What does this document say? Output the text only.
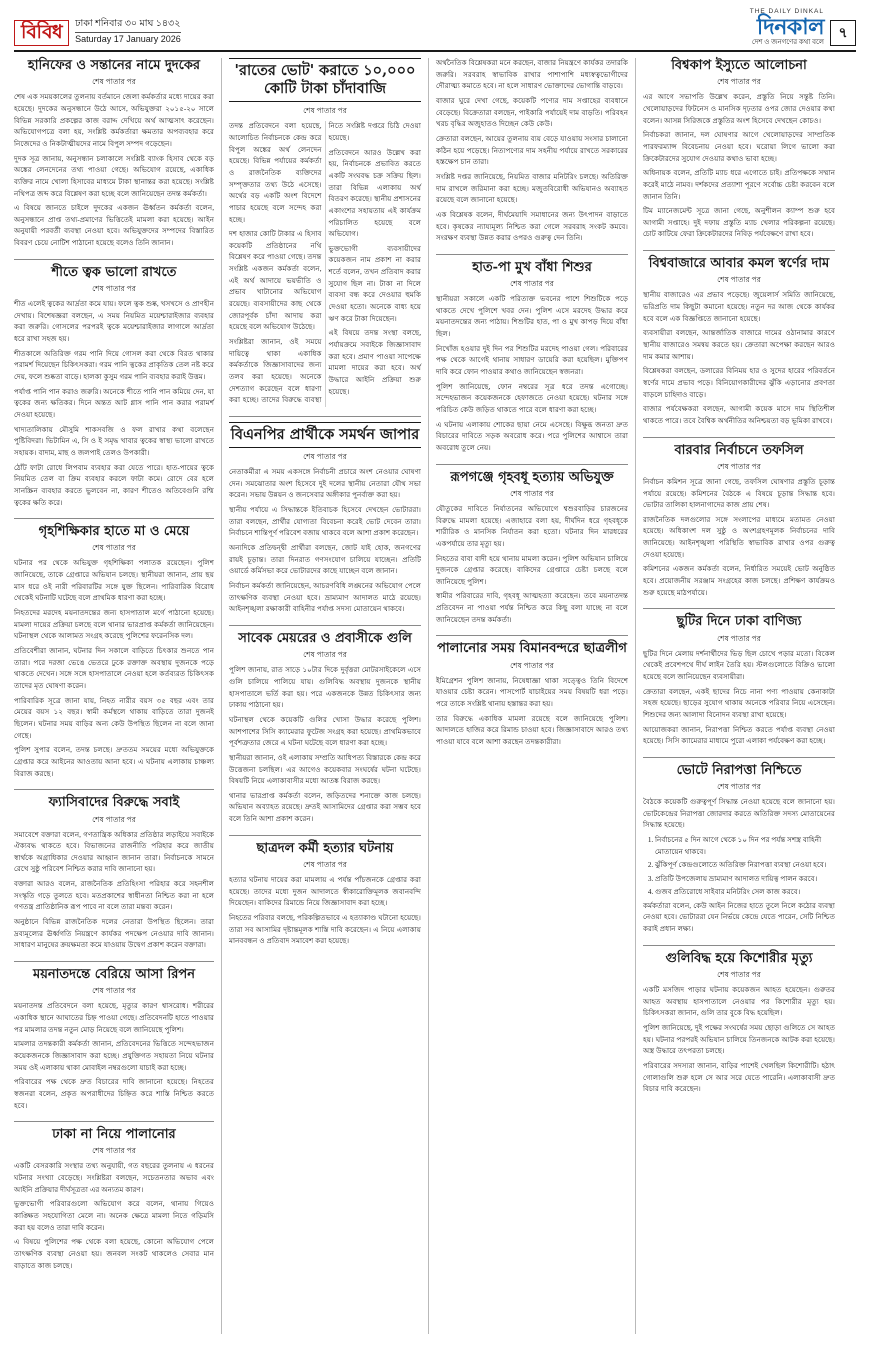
বিবিধ	ঢাকা শনিবার ৩০ মাঘ ১৪৩২
Saturday 17 January 2026
THE DAILY DINKAL
দিনকাল
দেশ ও জনগণের কথা বলে
৭
হানিফের ও সন্তানের নামে দুদকের
শেষ পাতার পর

শেষ এক সময়কালের তুলনায় বর্তমানে জেলা কর্মকর্তার মধ্যে দায়ের করা হয়েছে। দুদকের অনুসন্ধানে উঠে আসে, অভিযুক্তরা ২০১৫-২০ সালে বিভিন্ন সরকারি প্রকল্পের কাজ বরাদ্দ দেখিয়ে অর্থ আত্মসাৎ করেছেন। অভিযোগপত্রে বলা হয়, সংশ্লিষ্ট কর্মকর্তারা ক্ষমতার অপব্যবহার করে নিজেদের ও নিকটাত্মীয়দের নামে বিপুল সম্পদ গড়েছেন।

দুদক সূত্র জানায়, অনুসন্ধান চলাকালে সংশ্লিষ্ট ব্যাংক হিসাব থেকে বড় অঙ্কের লেনদেনের তথ্য পাওয়া গেছে। অভিযোগ রয়েছে, একাধিক ব্যক্তির নামে খোলা হিসাবের মাধ্যমে টাকা স্থানান্তর করা হয়েছে। সংশ্লিষ্ট নথিপত্র জব্দ করে বিশ্লেষণ করা হচ্ছে বলে জানিয়েছেন তদন্ত কর্মকর্তা।

এ বিষয়ে জানতে চাইলে দুদকের একজন ঊর্ধ্বতন কর্মকর্তা বলেন, অনুসন্ধানে প্রাপ্ত তথ্য-প্রমাণের ভিত্তিতেই মামলা করা হয়েছে। আইন অনুযায়ী পরবর্তী ব্যবস্থা নেওয়া হবে। অভিযুক্তদের সম্পদের বিস্তারিত বিবরণ চেয়ে নোটিশ পাঠানো হয়েছে বলেও তিনি জানান।

শীতে ত্বক ভালো রাখতে
শেষ পাতার পর

শীত এলেই ত্বকের আর্দ্রতা কমে যায়। ফলে ত্বক শুষ্ক, খসখসে ও প্রাণহীন দেখায়। বিশেষজ্ঞরা বলছেন, এ সময় নিয়মিত ময়েশ্চারাইজার ব্যবহার করা জরুরি। গোসলের পরপরই ত্বকে ময়েশ্চারাইজার লাগালে আর্দ্রতা ধরে রাখা সহজ হয়।

শীতকালে অতিরিক্ত গরম পানি দিয়ে গোসল করা থেকে বিরত থাকার পরামর্শ দিয়েছেন চিকিৎসকরা। গরম পানি ত্বকের প্রাকৃতিক তেল নষ্ট করে দেয়, ফলে শুষ্কতা বাড়ে। হালকা কুসুম গরম পানি ব্যবহার করাই উত্তম।

পর্যাপ্ত পানি পান করাও জরুরি। অনেকে শীতে পানি পান কমিয়ে দেন, যা ত্বকের জন্য ক্ষতিকর। দিনে অন্তত আট গ্লাস পানি পান করার পরামর্শ দেওয়া হয়েছে।

খাদ্যতালিকায় মৌসুমি শাকসবজি ও ফল রাখার কথা বলেছেন পুষ্টিবিদরা। ভিটামিন এ, সি ও ই সমৃদ্ধ খাবার ত্বকের স্বাস্থ্য ভালো রাখতে সহায়ক। বাদাম, মাছ ও জলপাই তেলও উপকারী।

ঠোঁট ফাটা রোধে লিপবাম ব্যবহার করা যেতে পারে। হাত-পায়ের ত্বকে নিয়মিত তেল বা ক্রিম ব্যবহার করলে ফাটা কমে। রোদে বের হলে সানস্ক্রিন ব্যবহার করতে ভুলবেন না, কারণ শীতেও অতিবেগুনি রশ্মি ত্বকের ক্ষতি করে।

গৃহশিক্ষিকার হাতে মা ও মেয়ে
শেষ পাতার পর

ঘটনার পর থেকে অভিযুক্ত গৃহশিক্ষিকা পলাতক রয়েছেন। পুলিশ জানিয়েছে, তাকে গ্রেপ্তারে অভিযান চলছে। স্থানীয়রা জানান, প্রায় ছয় মাস ধরে ওই নারী পরিবারটির সঙ্গে যুক্ত ছিলেন। পারিবারিক বিরোধ থেকেই ঘটনাটি ঘটেছে বলে প্রাথমিক ধারণা করা হচ্ছে।

নিহতদের মরদেহ ময়নাতদন্তের জন্য হাসপাতাল মর্গে পাঠানো হয়েছে। মামলা দায়ের প্রক্রিয়া চলছে বলে থানার ভারপ্রাপ্ত কর্মকর্তা জানিয়েছেন। ঘটনাস্থল থেকে আলামত সংগ্রহ করেছে পুলিশের ফরেনসিক দল।

প্রতিবেশীরা জানান, ঘটনার দিন সকালে বাড়িতে চিৎকার শুনতে পান তারা। পরে দরজা ভেঙে ভেতরে ঢুকে রক্তাক্ত অবস্থায় দুজনকে পড়ে থাকতে দেখেন। সঙ্গে সঙ্গে হাসপাতালে নেওয়া হলে কর্তব্যরত চিকিৎসক তাদের মৃত ঘোষণা করেন।

পারিবারিক সূত্রে জানা যায়, নিহত নারীর বয়স ৩৫ বছর এবং তার মেয়ের বয়স ১২ বছর। স্বামী কর্মস্থলে থাকায় বাড়িতে তারা দুজনই ছিলেন। ঘটনার সময় বাড়ির অন্য কেউ উপস্থিত ছিলেন না বলে জানা গেছে।

পুলিশ সুপার বলেন, তদন্ত চলছে। দ্রুততম সময়ের মধ্যে অভিযুক্তকে গ্রেপ্তার করে আইনের আওতায় আনা হবে। এ ঘটনায় এলাকায় চাঞ্চল্য বিরাজ করছে।

ফ্যাসিবাদের বিরুদ্ধে সবাই
শেষ পাতার পর

সমাবেশে বক্তারা বলেন, গণতান্ত্রিক অধিকার প্রতিষ্ঠার লড়াইয়ে সবাইকে ঐক্যবদ্ধ থাকতে হবে। বিভাজনের রাজনীতি পরিহার করে জাতীয় স্বার্থকে অগ্রাধিকার দেওয়ার আহ্বান জানান তারা। নির্বাচনকে সামনে রেখে সুষ্ঠু পরিবেশ নিশ্চিত করার দাবি জানানো হয়।

বক্তারা আরও বলেন, রাজনৈতিক প্রতিহিংসা পরিহার করে সহনশীল সংস্কৃতি গড়ে তুলতে হবে। মতপ্রকাশের স্বাধীনতা নিশ্চিত করা না হলে গণতন্ত্র প্রাতিষ্ঠানিক রূপ পাবে না বলে তারা মন্তব্য করেন।

অনুষ্ঠানে বিভিন্ন রাজনৈতিক দলের নেতারা উপস্থিত ছিলেন। তারা দ্রব্যমূল্যের ঊর্ধ্বগতি নিয়ন্ত্রণে কার্যকর পদক্ষেপ নেওয়ার দাবি জানান। সাধারণ মানুষের ক্রয়ক্ষমতা কমে যাওয়ায় উদ্বেগ প্রকাশ করেন বক্তারা।

ময়নাতদন্তে বেরিয়ে আসা রিপন
শেষ পাতার পর

ময়নাতদন্ত প্রতিবেদনে বলা হয়েছে, মৃত্যুর কারণ শ্বাসরোধ। শরীরের একাধিক স্থানে আঘাতের চিহ্ন পাওয়া গেছে। প্রতিবেদনটি হাতে পাওয়ার পর মামলার তদন্ত নতুন মোড় নিয়েছে বলে জানিয়েছে পুলিশ।

মামলার তদন্তকারী কর্মকর্তা জানান, প্রতিবেদনের ভিত্তিতে সন্দেহভাজন কয়েকজনকে জিজ্ঞাসাবাদ করা হচ্ছে। প্রযুক্তিগত সহায়তা নিয়ে ঘটনার সময় ওই এলাকায় থাকা মোবাইল নম্বরগুলো যাচাই করা হচ্ছে।

পরিবারের পক্ষ থেকে দ্রুত বিচারের দাবি জানানো হয়েছে। নিহতের স্বজনরা বলেন, প্রকৃত অপরাধীদের চিহ্নিত করে শাস্তি নিশ্চিত করতে হবে।

ঢাকা না নিয়ে পালানোর
শেষ পাতার পর

একটি বেসরকারি সংস্থার তথ্য অনুযায়ী, গত বছরের তুলনায় এ ধরনের ঘটনার সংখ্যা বেড়েছে। সংশ্লিষ্টরা বলছেন, সচেতনতার অভাব এবং আইনি প্রক্রিয়ার দীর্ঘসূত্রতা এর অন্যতম কারণ।

ভুক্তভোগী পরিবারগুলো অভিযোগ করে বলেন, থানায় গিয়েও কাঙ্ক্ষিত সহযোগিতা মেলে না। অনেক ক্ষেত্রে মামলা নিতে গড়িমসি করা হয় বলেও তারা দাবি করেন।

এ বিষয়ে পুলিশের পক্ষ থেকে বলা হয়েছে, কোনো অভিযোগ পেলে তাৎক্ষণিক ব্যবস্থা নেওয়া হয়। জনবল সংকট থাকলেও সেবার মান বাড়াতে কাজ চলছে।

'রাতের ভোট' করাতে ১০,০০০ কোটি টাকা চাঁদাবাজি
শেষ পাতার পর

তদন্ত প্রতিবেদনে বলা হয়েছে, আলোচিত নির্বাচনকে কেন্দ্র করে বিপুল অঙ্কের অর্থ লেনদেন হয়েছে। বিভিন্ন পর্যায়ের কর্মকর্তা ও রাজনৈতিক ব্যক্তিদের সম্পৃক্ততার তথ্য উঠে এসেছে। অর্থের বড় একটি অংশ বিদেশে পাচার হয়েছে বলে সন্দেহ করা হচ্ছে।

দশ হাজার কোটি টাকার এ হিসাব কয়েকটি প্রতিষ্ঠানের নথি বিশ্লেষণ করে পাওয়া গেছে। তদন্ত সংশ্লিষ্ট একজন কর্মকর্তা বলেন, এই অর্থ আদায়ে ভয়ভীতি ও প্রভাব খাটানোর অভিযোগ রয়েছে। ব্যবসায়ীদের কাছ থেকে জোরপূর্বক চাঁদা আদায় করা হয়েছে বলে অভিযোগ উঠেছে।

সংশ্লিষ্টরা জানান, ওই সময়ে দায়িত্বে থাকা একাধিক কর্মকর্তাকে জিজ্ঞাসাবাদের জন্য তলব করা হয়েছে। অনেকে দেশত্যাগ করেছেন বলে ধারণা করা হচ্ছে। তাদের বিরুদ্ধে ব্যবস্থা নিতে সংশ্লিষ্ট দপ্তরে চিঠি দেওয়া হয়েছে।

প্রতিবেদনে আরও উল্লেখ করা হয়, নির্বাচনকে প্রভাবিত করতে একটি সংঘবদ্ধ চক্র সক্রিয় ছিল। তারা বিভিন্ন এলাকায় অর্থ বিতরণ করেছে। স্থানীয় প্রশাসনের একাংশের সহায়তায় এই কার্যক্রম পরিচালিত হয়েছে বলে অভিযোগ।

ভুক্তভোগী ব্যবসায়ীদের কয়েকজন নাম প্রকাশ না করার শর্তে বলেন, তখন প্রতিবাদ করার সুযোগ ছিল না। টাকা না দিলে ব্যবসা বন্ধ করে দেওয়ার হুমকি দেওয়া হতো। অনেকে বাধ্য হয়ে ঋণ করে টাকা দিয়েছেন।

এই বিষয়ে তদন্ত সংস্থা বলছে, পর্যায়ক্রমে সবাইকে জিজ্ঞাসাবাদ করা হবে। প্রমাণ পাওয়া সাপেক্ষে মামলা দায়ের করা হবে। অর্থ উদ্ধারে আইনি প্রক্রিয়া শুরু হয়েছে।

বিএনপির প্রার্থীকে সমর্থন জাপার
শেষ পাতার পর

নেতাকর্মীরা এ সময় একসঙ্গে নির্বাচনী প্রচারে অংশ নেওয়ার ঘোষণা দেন। সমঝোতার অংশ হিসেবে দুই দলের স্থানীয় নেতারা যৌথ সভা করেন। সভায় উন্নয়ন ও জনসেবার অঙ্গীকার পুনর্ব্যক্ত করা হয়।

স্থানীয় পর্যায়ে এ সিদ্ধান্তকে ইতিবাচক হিসেবে দেখছেন ভোটাররা। তারা বলছেন, প্রার্থীর যোগ্যতা বিবেচনা করেই ভোট দেবেন তারা। নির্বাচনে শান্তিপূর্ণ পরিবেশ বজায় থাকবে বলে আশা প্রকাশ করেছেন।

অন্যদিকে প্রতিদ্বন্দ্বী প্রার্থীরা বলছেন, জোট যাই হোক, জনগণের রায়ই চূড়ান্ত। তারা দিনরাত গণসংযোগ চালিয়ে যাচ্ছেন। প্রতিটি ওয়ার্ডে কর্মিসভা করে ভোটারদের কাছে যাচ্ছেন বলে জানান।

নির্বাচন কর্মকর্তা জানিয়েছেন, আচরণবিধি লঙ্ঘনের অভিযোগ পেলে তাৎক্ষণিক ব্যবস্থা নেওয়া হবে। ভ্রাম্যমাণ আদালত মাঠে রয়েছে। আইনশৃঙ্খলা রক্ষাকারী বাহিনীর পর্যাপ্ত সদস্য মোতায়েন থাকবে।

সাবেক মেয়রের ও প্রবাসীকে গুলি
শেষ পাতার পর

পুলিশ জানায়, রাত সাড়ে ১০টার দিকে দুর্বৃত্তরা মোটরসাইকেলে এসে গুলি চালিয়ে পালিয়ে যায়। গুলিবিদ্ধ অবস্থায় দুজনকে স্থানীয় হাসপাতালে ভর্তি করা হয়। পরে একজনকে উন্নত চিকিৎসার জন্য ঢাকায় পাঠানো হয়।

ঘটনাস্থল থেকে কয়েকটি গুলির খোসা উদ্ধার করেছে পুলিশ। আশপাশের সিসি ক্যামেরার ফুটেজ সংগ্রহ করা হয়েছে। প্রাথমিকভাবে পূর্বশত্রুতার জেরে এ ঘটনা ঘটেছে বলে ধারণা করা হচ্ছে।

স্থানীয়রা জানান, ওই এলাকায় সম্প্রতি আধিপত্য বিস্তারকে কেন্দ্র করে উত্তেজনা চলছিল। এর আগেও কয়েকবার সংঘর্ষের ঘটনা ঘটেছে। বিষয়টি নিয়ে এলাকাবাসীর মধ্যে আতঙ্ক বিরাজ করছে।

থানার ভারপ্রাপ্ত কর্মকর্তা বলেন, জড়িতদের শনাক্তে কাজ চলছে। অভিযান অব্যাহত রয়েছে। দ্রুতই আসামিদের গ্রেপ্তার করা সম্ভব হবে বলে তিনি আশা প্রকাশ করেন।

ছাত্রদল কর্মী হত্যার ঘটনায়
শেষ পাতার পর

হত্যার ঘটনায় দায়ের করা মামলায় এ পর্যন্ত পাঁচজনকে গ্রেপ্তার করা হয়েছে। তাদের মধ্যে দুজন আদালতে স্বীকারোক্তিমূলক জবানবন্দি দিয়েছেন। বাকিদের রিমান্ডে নিয়ে জিজ্ঞাসাবাদ করা হচ্ছে।

নিহতের পরিবার বলছে, পরিকল্পিতভাবে এ হত্যাকাণ্ড ঘটানো হয়েছে। তারা সব আসামির দৃষ্টান্তমূলক শাস্তি দাবি করেছেন। এ নিয়ে এলাকায় মানববন্ধন ও প্রতিবাদ সমাবেশ করা হয়েছে।

অর্থনৈতিক বিশ্লেষকরা মনে করছেন, বাজার নিয়ন্ত্রণে কার্যকর তদারকি জরুরি। সরবরাহ স্বাভাবিক রাখার পাশাপাশি মধ্যস্বত্বভোগীদের দৌরাত্ম্য কমাতে হবে। না হলে সাধারণ ভোক্তাদের ভোগান্তি বাড়বে।

বাজার ঘুরে দেখা গেছে, কয়েকটি পণ্যের দাম সপ্তাহের ব্যবধানে বেড়েছে। বিক্রেতারা বলছেন, পাইকারি পর্যায়েই দাম বাড়তি। পরিবহন খরচ বৃদ্ধির অজুহাতও দিচ্ছেন কেউ কেউ।

ক্রেতারা বলছেন, আয়ের তুলনায় ব্যয় বেড়ে যাওয়ায় সংসার চালানো কঠিন হয়ে পড়েছে। নিত্যপণ্যের দাম সহনীয় পর্যায়ে রাখতে সরকারের হস্তক্ষেপ চান তারা।

সংশ্লিষ্ট দপ্তর জানিয়েছে, নিয়মিত বাজার মনিটরিং চলছে। অতিরিক্ত দাম রাখলে জরিমানা করা হচ্ছে। মজুতবিরোধী অভিযানও অব্যাহত রয়েছে বলে জানানো হয়েছে।

এক বিশ্লেষক বলেন, দীর্ঘমেয়াদি সমাধানের জন্য উৎপাদন বাড়াতে হবে। কৃষকের ন্যায্যমূল্য নিশ্চিত করা গেলে সরবরাহ সংকট কমবে। সংরক্ষণ ব্যবস্থা উন্নত করার ওপরও গুরুত্ব দেন তিনি।

হাত-পা মুখ বাঁধা শিশুর
শেষ পাতার পর

স্থানীয়রা সকালে একটি পরিত্যক্ত ভবনের পাশে শিশুটিকে পড়ে থাকতে দেখে পুলিশে খবর দেন। পুলিশ এসে মরদেহ উদ্ধার করে ময়নাতদন্তের জন্য পাঠায়। শিশুটির হাত, পা ও মুখ কাপড় দিয়ে বাঁধা ছিল।

নিখোঁজ হওয়ার দুই দিন পর শিশুটির মরদেহ পাওয়া গেল। পরিবারের পক্ষ থেকে আগেই থানায় সাধারণ ডায়েরি করা হয়েছিল। মুক্তিপণ দাবি করে ফোন পাওয়ার কথাও জানিয়েছেন স্বজনরা।

পুলিশ জানিয়েছে, ফোন নম্বরের সূত্র ধরে তদন্ত এগোচ্ছে। সন্দেহভাজন কয়েকজনকে হেফাজতে নেওয়া হয়েছে। ঘটনার সঙ্গে পরিচিত কেউ জড়িত থাকতে পারে বলে ধারণা করা হচ্ছে।

এ ঘটনায় এলাকায় শোকের ছায়া নেমে এসেছে। বিক্ষুব্ধ জনতা দ্রুত বিচারের দাবিতে সড়ক অবরোধ করে। পরে পুলিশের আশ্বাসে তারা অবরোধ তুলে নেয়।

রূপগঞ্জে গৃহবধূ হত্যায় অভিযুক্ত
শেষ পাতার পর

যৌতুকের দাবিতে নির্যাতনের অভিযোগে শ্বশুরবাড়ির চারজনের বিরুদ্ধে মামলা হয়েছে। এজাহারে বলা হয়, দীর্ঘদিন ধরে গৃহবধূকে শারীরিক ও মানসিক নির্যাতন করা হতো। ঘটনার দিন মারধরের একপর্যায়ে তার মৃত্যু হয়।

নিহতের বাবা বাদী হয়ে থানায় মামলা করেন। পুলিশ অভিযান চালিয়ে দুজনকে গ্রেপ্তার করেছে। বাকিদের গ্রেপ্তারে চেষ্টা চলছে বলে জানিয়েছে পুলিশ।

স্বামীর পরিবারের দাবি, গৃহবধূ আত্মহত্যা করেছেন। তবে ময়নাতদন্ত প্রতিবেদন না পাওয়া পর্যন্ত নিশ্চিত করে কিছু বলা যাচ্ছে না বলে জানিয়েছেন তদন্ত কর্মকর্তা।

পালানোর সময় বিমানবন্দরে ছাত্রলীগ
শেষ পাতার পর

ইমিগ্রেশন পুলিশ জানায়, নিষেধাজ্ঞা থাকা সত্ত্বেও তিনি বিদেশে যাওয়ার চেষ্টা করেন। পাসপোর্ট যাচাইয়ের সময় বিষয়টি ধরা পড়ে। পরে তাকে সংশ্লিষ্ট থানায় হস্তান্তর করা হয়।

তার বিরুদ্ধে একাধিক মামলা রয়েছে বলে জানিয়েছে পুলিশ। আদালতে হাজির করে রিমান্ড চাওয়া হবে। জিজ্ঞাসাবাদে আরও তথ্য পাওয়া যাবে বলে আশা করছেন তদন্তকারীরা।

বিশ্বকাপ ইস্যুতে আলোচনা
শেষ পাতার পর

এর আগে সভাপতি উল্লেখ করেন, প্রস্তুতি নিয়ে সন্তুষ্ট তিনি। খেলোয়াড়দের ফিটনেস ও মানসিক দৃঢ়তার ওপর জোর দেওয়ার কথা বলেন। আসন্ন সিরিজকে প্রস্তুতির অংশ হিসেবে দেখছেন কোচও।

নির্বাচকরা জানান, দল ঘোষণার আগে খেলোয়াড়দের সাম্প্রতিক পারফরম্যান্স বিবেচনায় নেওয়া হবে। ঘরোয়া লিগে ভালো করা ক্রিকেটারদের সুযোগ দেওয়ার কথাও ভাবা হচ্ছে।

অধিনায়ক বলেন, প্রতিটি ম্যাচ ধরে এগোতে চাই। প্রতিপক্ষকে সম্মান করেই মাঠে নামব। দর্শকদের প্রত্যাশা পূরণে সর্বোচ্চ চেষ্টা করবেন বলে জানান তিনি।

টিম ম্যানেজমেন্ট সূত্রে জানা গেছে, অনুশীলন ক্যাম্প শুরু হবে আগামী সপ্তাহে। দুই দফায় প্রস্তুতি ম্যাচ খেলার পরিকল্পনা রয়েছে। চোট কাটিয়ে ফেরা ক্রিকেটারদের নিবিড় পর্যবেক্ষণে রাখা হবে।

বিশ্ববাজারে আবার কমল স্বর্ণের দাম
শেষ পাতার পর

স্থানীয় বাজারেও এর প্রভাব পড়েছে। জুয়েলার্স সমিতি জানিয়েছে, ভরিপ্রতি দাম কিছুটা কমানো হয়েছে। নতুন দর আজ থেকে কার্যকর হবে বলে এক বিজ্ঞপ্তিতে জানানো হয়েছে।

ব্যবসায়ীরা বলছেন, আন্তর্জাতিক বাজারে দামের ওঠানামার কারণে স্থানীয় বাজারেও সমন্বয় করতে হয়। ক্রেতারা অপেক্ষা করছেন আরও দাম কমার আশায়।

বিশ্লেষকরা বলছেন, ডলারের বিনিময় হার ও সুদের হারের পরিবর্তনে স্বর্ণের দামে প্রভাব পড়ে। বিনিয়োগকারীদের ঝুঁকি এড়ানোর প্রবণতা বাড়লে চাহিদাও বাড়ে।

বাজার পর্যবেক্ষকরা বলছেন, আগামী কয়েক মাসে দাম স্থিতিশীল থাকতে পারে। তবে বৈশ্বিক অর্থনীতির অনিশ্চয়তা বড় ভূমিকা রাখবে।

বারবার নির্বাচনে তফসিল
শেষ পাতার পর

নির্বাচন কমিশন সূত্রে জানা গেছে, তফসিল ঘোষণার প্রস্তুতি চূড়ান্ত পর্যায়ে রয়েছে। কমিশনের বৈঠকে এ বিষয়ে চূড়ান্ত সিদ্ধান্ত হবে। ভোটার তালিকা হালনাগাদের কাজ প্রায় শেষ।

রাজনৈতিক দলগুলোর সঙ্গে সংলাপের মাধ্যমে মতামত নেওয়া হয়েছে। অধিকাংশ দল সুষ্ঠু ও অংশগ্রহণমূলক নির্বাচনের দাবি জানিয়েছে। আইনশৃঙ্খলা পরিস্থিতি স্বাভাবিক রাখার ওপর গুরুত্ব দেওয়া হয়েছে।

কমিশনের একজন কর্মকর্তা বলেন, নির্ধারিত সময়েই ভোট অনুষ্ঠিত হবে। প্রয়োজনীয় সরঞ্জাম সংগ্রহের কাজ চলছে। প্রশিক্ষণ কার্যক্রমও শুরু হয়েছে মাঠপর্যায়ে।

ছুটির দিনে ঢাকা বাণিজ্য
শেষ পাতার পর

ছুটির দিনে মেলায় দর্শনার্থীদের ভিড় ছিল চোখে পড়ার মতো। বিকেল থেকেই প্রবেশপথে দীর্ঘ লাইন তৈরি হয়। স্টলগুলোতে বিক্রিও ভালো হয়েছে বলে জানিয়েছেন ব্যবসায়ীরা।

ক্রেতারা বলছেন, একই ছাদের নিচে নানা পণ্য পাওয়ায় কেনাকাটা সহজ হয়েছে। ছাড়ের সুযোগ থাকায় অনেকে পরিবার নিয়ে এসেছেন। শিশুদের জন্য আলাদা বিনোদন ব্যবস্থা রাখা হয়েছে।

আয়োজকরা জানান, নিরাপত্তা নিশ্চিত করতে পর্যাপ্ত ব্যবস্থা নেওয়া হয়েছে। সিসি ক্যামেরার মাধ্যমে পুরো এলাকা পর্যবেক্ষণ করা হচ্ছে।

ভোটে নিরাপত্তা নিশ্চিতে
শেষ পাতার পর

বৈঠকে কয়েকটি গুরুত্বপূর্ণ সিদ্ধান্ত নেওয়া হয়েছে বলে জানানো হয়। ভোটকেন্দ্রের নিরাপত্তা জোরদার করতে অতিরিক্ত সদস্য মোতায়েনের সিদ্ধান্ত হয়েছে।

1. নির্বাচনের ৫ দিন আগে থেকে ১০ দিন পর পর্যন্ত সশস্ত্র বাহিনী মোতায়েন থাকবে।
2. ঝুঁকিপূর্ণ কেন্দ্রগুলোতে অতিরিক্ত নিরাপত্তা ব্যবস্থা নেওয়া হবে।
3. প্রতিটি উপজেলায় ভ্রাম্যমাণ আদালত দায়িত্ব পালন করবে।
4. গুজব প্রতিরোধে সাইবার মনিটরিং সেল কাজ করবে।

কর্মকর্তারা বলেন, কেউ আইন নিজের হাতে তুলে নিলে কঠোর ব্যবস্থা নেওয়া হবে। ভোটাররা যেন নির্ভয়ে কেন্দ্রে যেতে পারেন, সেটি নিশ্চিত করাই প্রধান লক্ষ্য।

গুলিবিদ্ধ হয়ে কিশোরীর মৃত্যু
শেষ পাতার পর

একটি মসজিদ পাড়ার ঘটনায় কয়েকজন আহত হয়েছেন। গুরুতর আহত অবস্থায় হাসপাতালে নেওয়ার পর কিশোরীর মৃত্যু হয়। চিকিৎসকরা জানান, গুলি তার বুকে বিদ্ধ হয়েছিল।

পুলিশ জানিয়েছে, দুই পক্ষের সংঘর্ষের সময় ছোড়া গুলিতে সে আহত হয়। ঘটনার পরপরই অভিযান চালিয়ে তিনজনকে আটক করা হয়েছে। অস্ত্র উদ্ধারে তৎপরতা চলছে।

পরিবারের সদস্যরা জানান, বাড়ির পাশেই খেলছিল কিশোরীটি। হঠাৎ গোলাগুলি শুরু হলে সে আর সরে যেতে পারেনি। এলাকাবাসী দ্রুত বিচার দাবি করেছেন।
